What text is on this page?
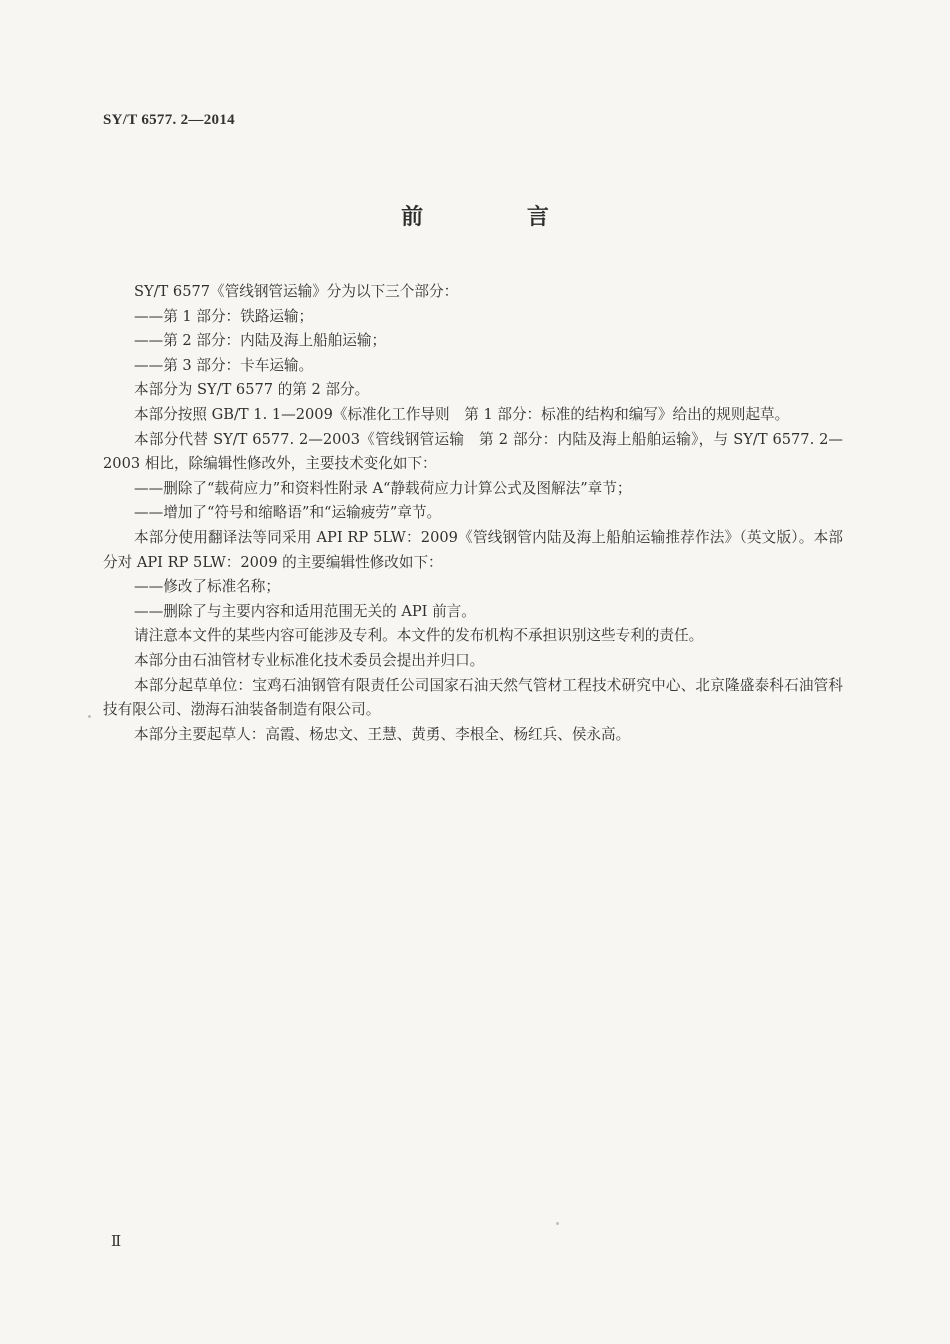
SY/T 6577. 2—2014
前 言

SY/T 6577《管线钢管运输》分为以下三个部分：

——第 1 部分：铁路运输；

——第 2 部分：内陆及海上船舶运输；

——第 3 部分：卡车运输。

本部分为 SY/T 6577 的第 2 部分。

本部分按照 GB/T 1. 1—2009《标准化工作导则　第 1 部分：标准的结构和编写》给出的规则起草。

本部分代替 SY/T 6577. 2—2003《管线钢管运输　第 2 部分：内陆及海上船舶运输》，与 SY/T 6577. 2—2003 相比，除编辑性修改外，主要技术变化如下：

——删除了“载荷应力”和资料性附录 A“静载荷应力计算公式及图解法”章节；

——增加了“符号和缩略语”和“运输疲劳”章节。

本部分使用翻译法等同采用 API RP 5LW：2009《管线钢管内陆及海上船舶运输推荐作法》（英文版）。本部分对 API RP 5LW：2009 的主要编辑性修改如下：

——修改了标准名称；

——删除了与主要内容和适用范围无关的 API 前言。

请注意本文件的某些内容可能涉及专利。本文件的发布机构不承担识别这些专利的责任。

本部分由石油管材专业标准化技术委员会提出并归口。

本部分起草单位：宝鸡石油钢管有限责任公司国家石油天然气管材工程技术研究中心、北京隆盛泰科石油管科技有限公司、渤海石油装备制造有限公司。

本部分主要起草人：高霞、杨忠文、王慧、黄勇、李根全、杨红兵、侯永高。

Ⅱ
